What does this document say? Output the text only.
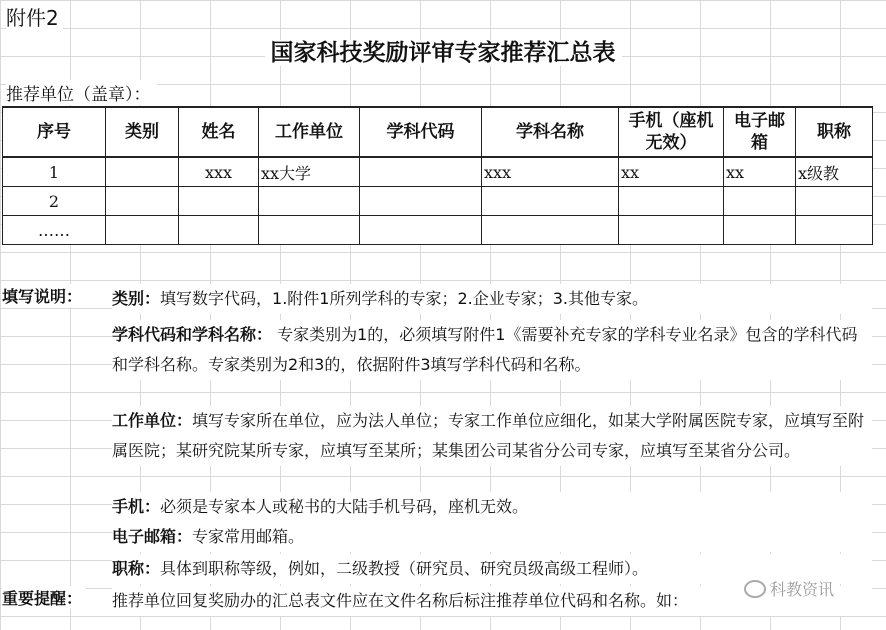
附件2
国家科技奖励评审专家推荐汇总表
推荐单位（盖章）：
序号	类别	姓名	工作单位	学科代码	学科名称	手机（座机无效）	电子邮箱	职称
1		xxx	xx大学		xxx	xx	xx	x级教
2								
……								
填写说明： 类别：填写数字代码，1.附件1所列学科的专家；2.企业专家；3.其他专家。
学科代码和学科名称： 专家类别为1的，必须填写附件1《需要补充专家的学科专业名录》包含的学科代码和学科名称。专家类别为2和3的，依据附件3填写学科代码和名称。
工作单位：填写专家所在单位，应为法人单位；专家工作单位应细化，如某大学附属医院专家，应填写至附属医院；某研究院某所专家，应填写至某所；某集团公司某省分公司专家，应填写至某省分公司。
手机：必须是专家本人或秘书的大陆手机号码，座机无效。
电子邮箱：专家常用邮箱。
职称：具体到职称等级，例如，二级教授（研究员、研究员级高级工程师）。
重要提醒： 推荐单位回复奖励办的汇总表文件应在文件名称后标注推荐单位代码和名称。如：
科教资讯
